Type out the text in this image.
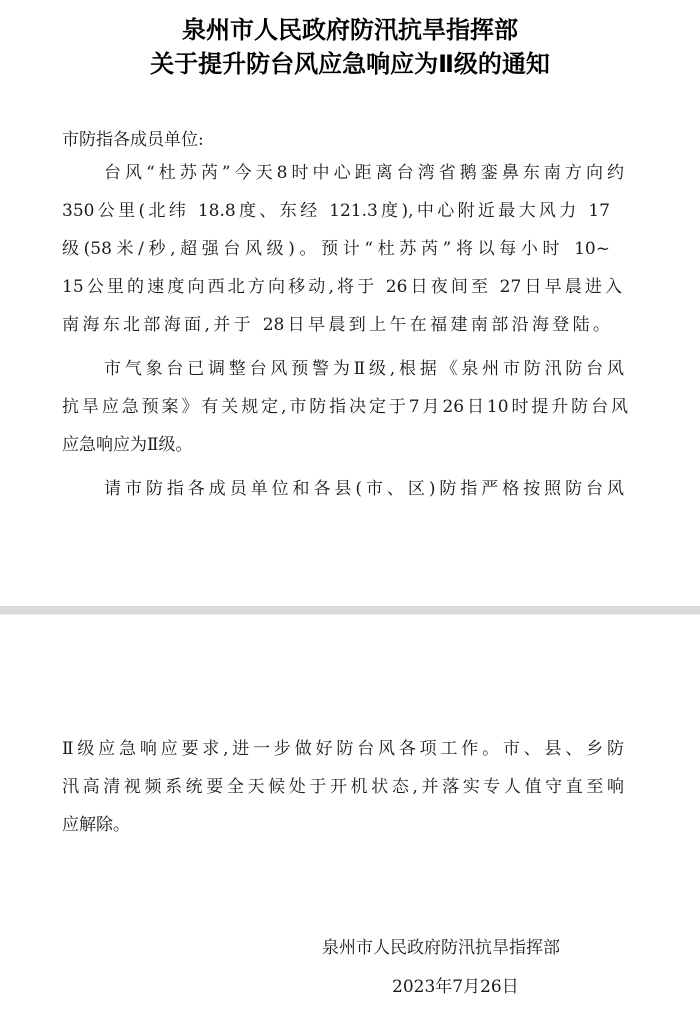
泉州市人民政府防汛抗旱指挥部
关于提升防台风应急响应为Ⅱ级的通知
市防指各成员单位:
台风“杜苏芮”今天8时中心距离台湾省鹅銮鼻东南方向约
350公里(北纬 18.8度、东经 121.3度),中心附近最大风力 17
级(58米/秒,超强台风级)。预计“杜苏芮”将以每小时 10~
15公里的速度向西北方向移动,将于 26日夜间至 27日早晨进入
南海东北部海面,并于 28日早晨到上午在福建南部沿海登陆。
市气象台已调整台风预警为Ⅱ级,根据《泉州市防汛防台风
抗旱应急预案》有关规定,市防指决定于7月26日10时提升防台风
应急响应为Ⅱ级。
请市防指各成员单位和各县(市、区)防指严格按照防台风
Ⅱ级应急响应要求,进一步做好防台风各项工作。市、县、乡防
汛高清视频系统要全天候处于开机状态,并落实专人值守直至响
应解除。
泉州市人民政府防汛抗旱指挥部
2023年7月26日
